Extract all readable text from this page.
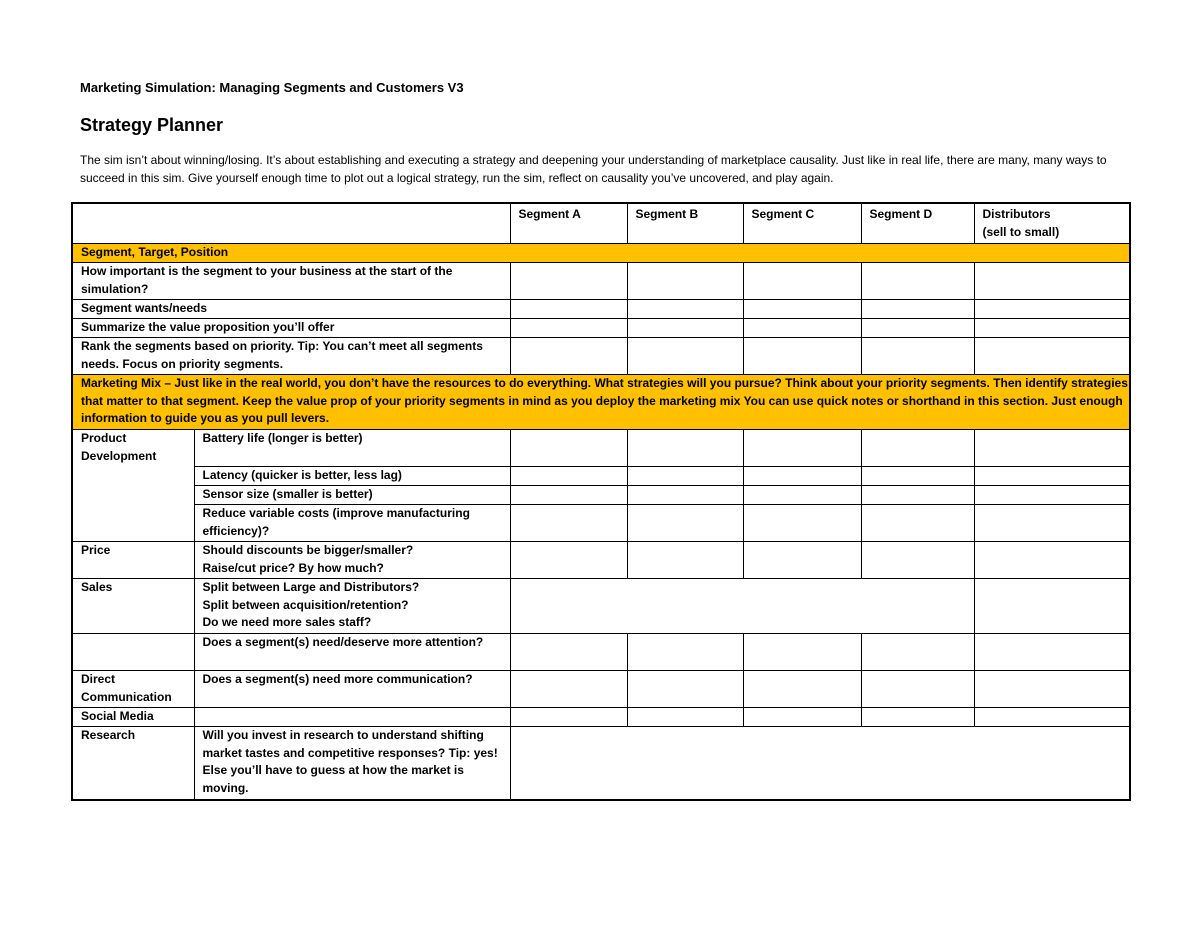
Marketing Simulation: Managing Segments and Customers V3
Strategy Planner
The sim isn’t about winning/losing. It’s about establishing and executing a strategy and deepening your understanding of marketplace causality. Just like in real life, there are many, many ways to succeed in this sim. Give yourself enough time to plot out a logical strategy, run the sim, reflect on causality you’ve uncovered, and play again.
		Segment A	Segment B	Segment C	Segment D	Distributors
(sell to small)
Segment, Target, Position						
How important is the segment to your business at the start of the simulation?						
Segment wants/needs						
Summarize the value proposition you’ll offer						
Rank the segments based on priority. Tip: You can’t meet all segments needs. Focus on priority segments.						
Marketing Mix – Just like in the real world, you don’t have the resources to do everything. What strategies will you pursue? Think about your priority segments. Then identify strategies that matter to that segment. Keep the value prop of your priority segments in mind as you deploy the marketing mix You can use quick notes or shorthand in this section. Just enough information to guide you as you pull levers.						
Product Development	Battery life (longer is better)					
	Latency (quicker is better, less lag)					
	Sensor size (smaller is better)					
	Reduce variable costs (improve manufacturing efficiency)?					
Price	Should discounts be bigger/smaller?
Raise/cut price? By how much?					
Sales	Split between Large and Distributors?
Split between acquisition/retention?
Do we need more sales staff?					
	Does a segment(s) need/deserve more attention?					
Direct Communication	Does a segment(s) need more communication?					
Social Media						
Research	Will you invest in research to understand shifting market tastes and competitive responses? Tip: yes! Else you’ll have to guess at how the market is moving.					
